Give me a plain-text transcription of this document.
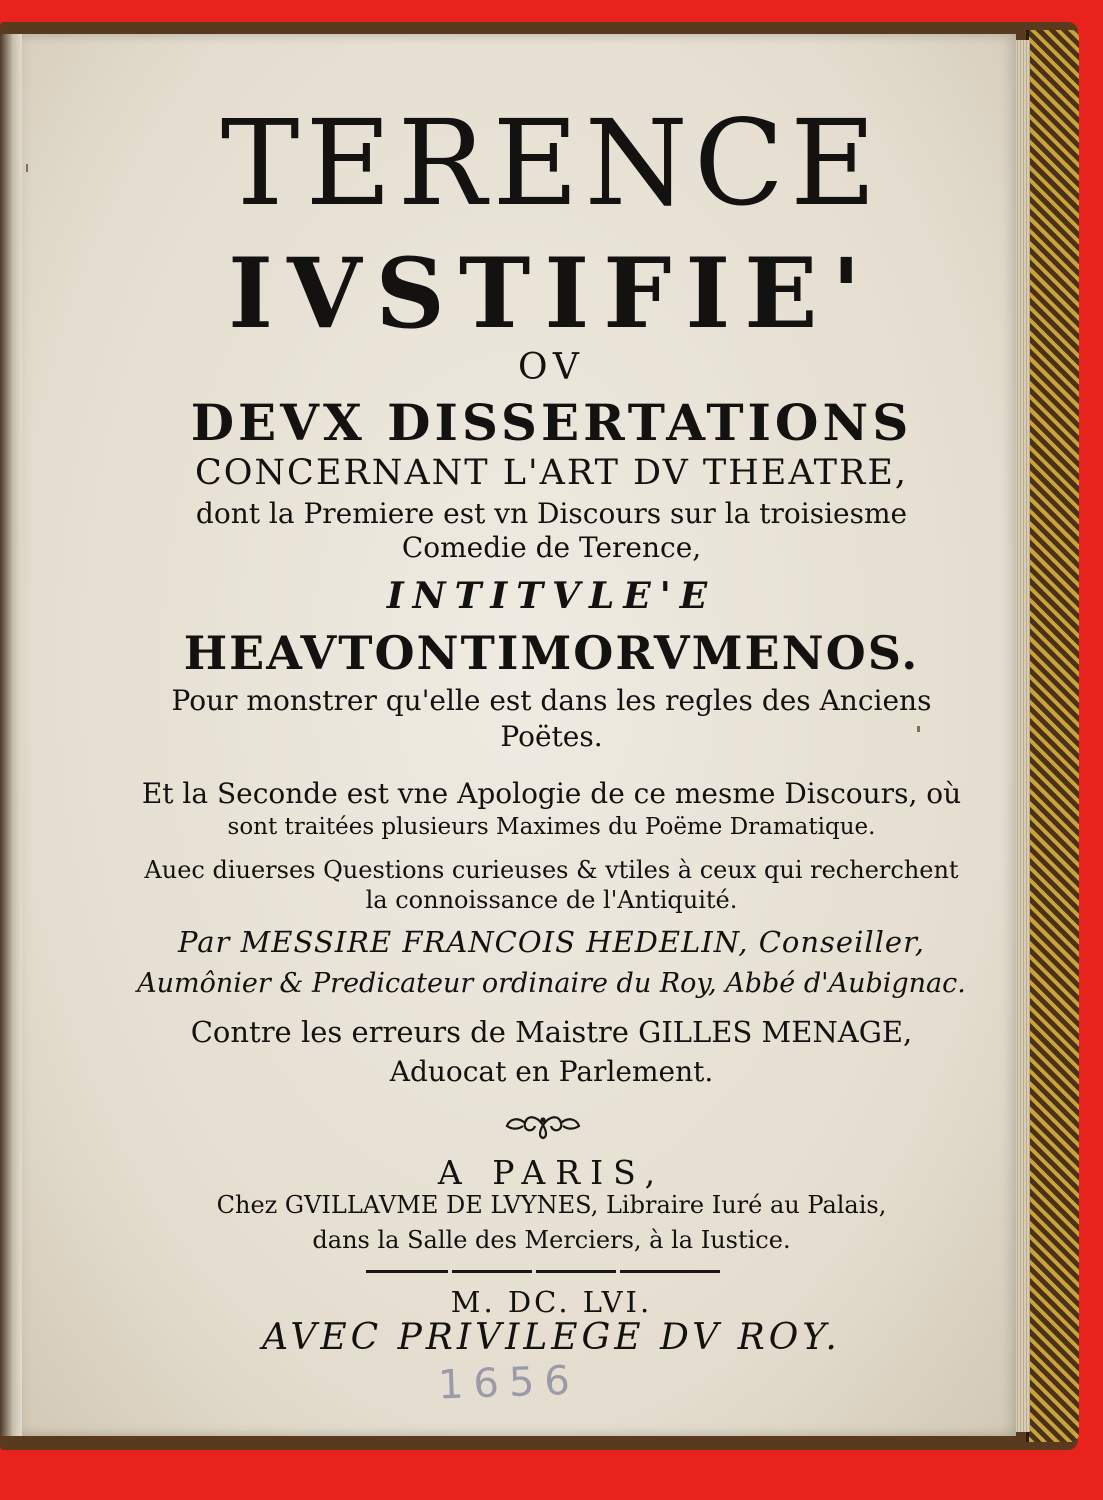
TERENCE
IVSTIFIE'
OV
DEVX DISSERTATIONS
CONCERNANT L'ART DV THEATRE,
dont la Premiere est vn Discours sur la troisiesme
Comedie de Terence,
INTITVLE'E
HEAVTONTIMORVMENOS.
Pour monstrer qu'elle est dans les regles des Anciens
Poëtes.
Et la Seconde est vne Apologie de ce mesme Discours, où
sont traitées plusieurs Maximes du Poëme Dramatique.
Auec diuerses Questions curieuses & vtiles à ceux qui recherchent
la connoissance de l'Antiquité.
Par MESSIRE FRANCOIS HEDELIN, Conseiller,
Aumônier & Predicateur ordinaire du Roy, Abbé d'Aubignac.
Contre les erreurs de Maistre GILLES MENAGE,
Aduocat en Parlement.
A PARIS,
Chez GVILLAVME DE LVYNES, Libraire Iuré au Palais,
dans la Salle des Merciers, à la Iustice.
M. DC. LVI.
AVEC PRIVILEGE DV ROY.
1656
